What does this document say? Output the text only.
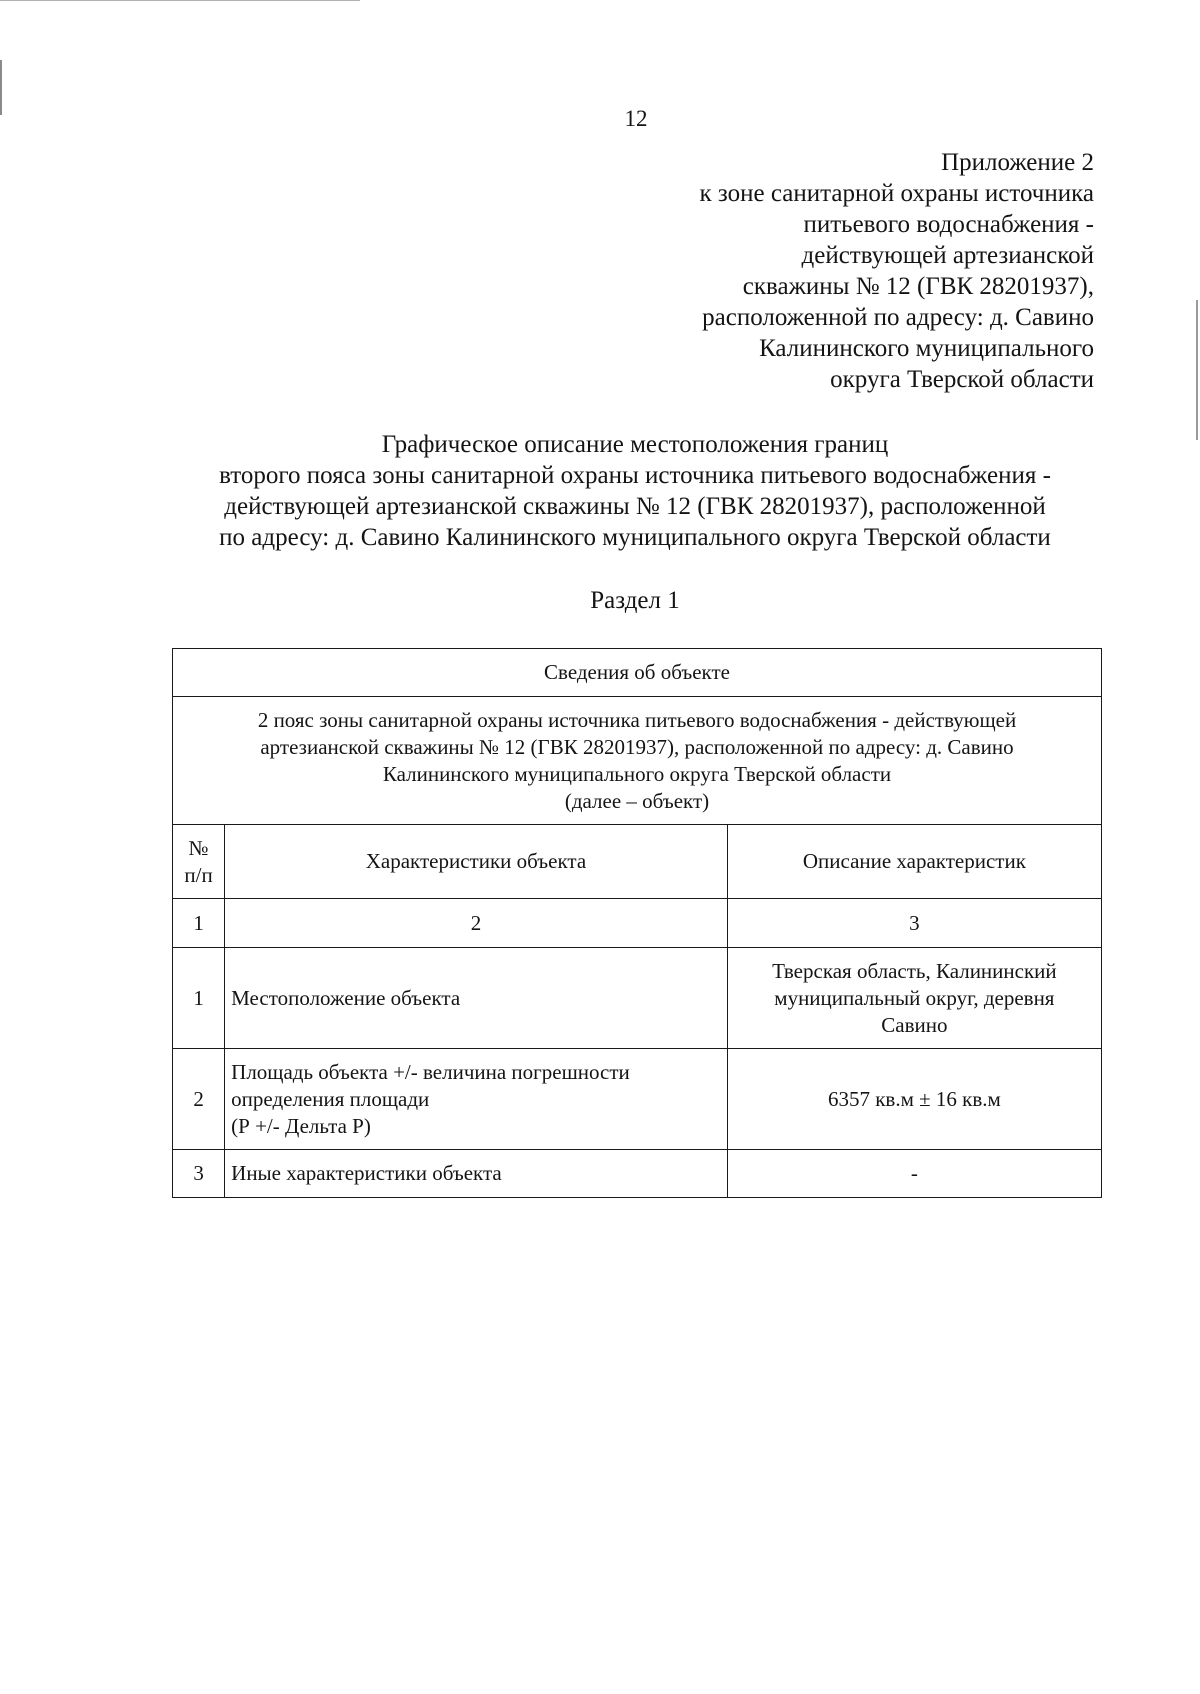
12
Приложение 2
к зоне санитарной охраны источника
питьевого водоснабжения -
действующей артезианской
скважины № 12 (ГВК 28201937),
расположенной по адресу: д. Савино
Калининского муниципального
округа Тверской области
Графическое описание местоположения границ
второго пояса зоны санитарной охраны источника питьевого водоснабжения -
действующей артезианской скважины № 12 (ГВК 28201937), расположенной
по адресу: д. Савино Калининского муниципального округа Тверской области
Раздел 1
Сведения об объекте		

2 пояс зоны санитарной охраны источника питьевого водоснабжения - действующей
артезианской скважины № 12 (ГВК 28201937), расположенной по адресу: д. Савино
Калининского муниципального округа Тверской области
(далее – объект)		

№
п/п	Характеристики объекта	Описание характеристик
1	2	3
1	Местоположение объекта	Тверская область, Калининский
муниципальный округ, деревня
Савино

2	Площадь объекта +/- величина погрешности
определения площади
(Р +/- Дельта Р)	6357 кв.м ± 16 кв.м

3	Иные характеристики объекта	-
